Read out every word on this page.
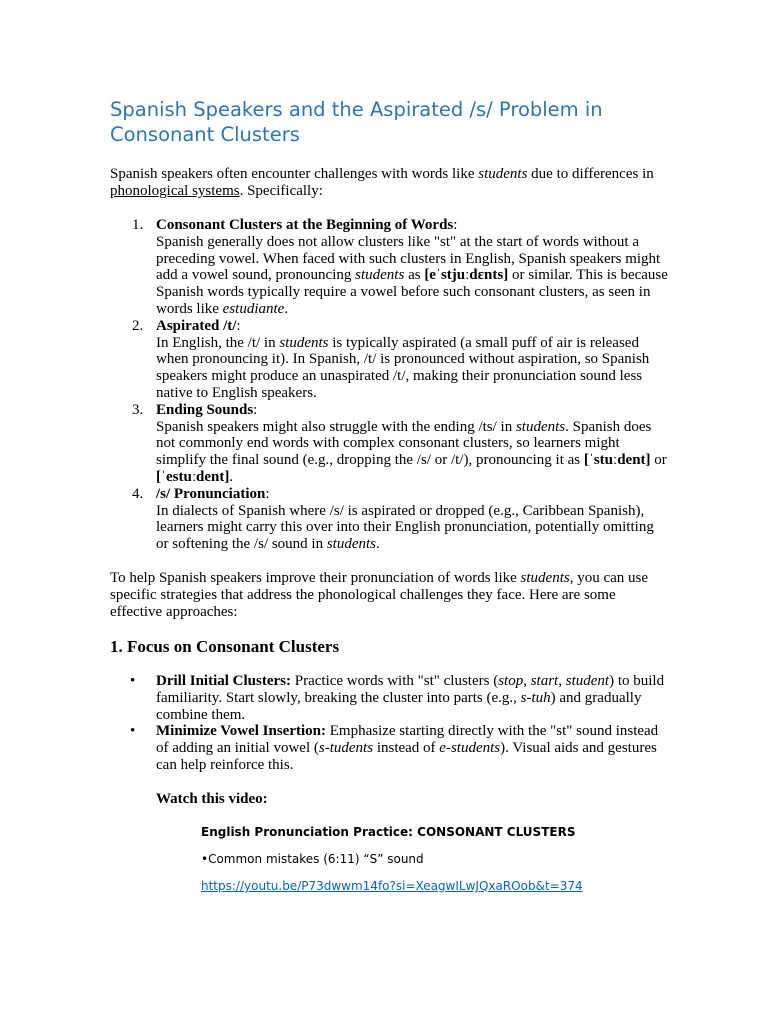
Spanish Speakers and the Aspirated /s/ Problem in Consonant Clusters

Spanish speakers often encounter challenges with words like students due to differences in phonological systems. Specifically:

1. Consonant Clusters at the Beginning of Words:
Spanish generally does not allow clusters like "st" at the start of words without a preceding vowel. When faced with such clusters in English, Spanish speakers might add a vowel sound, pronouncing students as [eˈstjuːdɛnts] or similar. This is because Spanish words typically require a vowel before such consonant clusters, as seen in words like estudiante.
2. Aspirated /t/:
In English, the /t/ in students is typically aspirated (a small puff of air is released when pronouncing it). In Spanish, /t/ is pronounced without aspiration, so Spanish speakers might produce an unaspirated /t/, making their pronunciation sound less native to English speakers.
3. Ending Sounds:
Spanish speakers might also struggle with the ending /ts/ in students. Spanish does not commonly end words with complex consonant clusters, so learners might simplify the final sound (e.g., dropping the /s/ or /t/), pronouncing it as [ˈstuːdent] or [ˈestuːdent].
4. /s/ Pronunciation:
In dialects of Spanish where /s/ is aspirated or dropped (e.g., Caribbean Spanish), learners might carry this over into their English pronunciation, potentially omitting or softening the /s/ sound in students.

To help Spanish speakers improve their pronunciation of words like students, you can use specific strategies that address the phonological challenges they face. Here are some effective approaches:

1. Focus on Consonant Clusters
• Drill Initial Clusters: Practice words with "st" clusters (stop, start, student) to build familiarity. Start slowly, breaking the cluster into parts (e.g., s-tuh) and gradually combine them.
• Minimize Vowel Insertion: Emphasize starting directly with the "st" sound instead of adding an initial vowel (s-tudents instead of e-students). Visual aids and gestures can help reinforce this.

Watch this video:

English Pronunciation Practice: CONSONANT CLUSTERS

•Common mistakes (6:11) “S” sound

https://youtu.be/P73dwwm14fo?si=XeagwILwJQxaROob&t=374
